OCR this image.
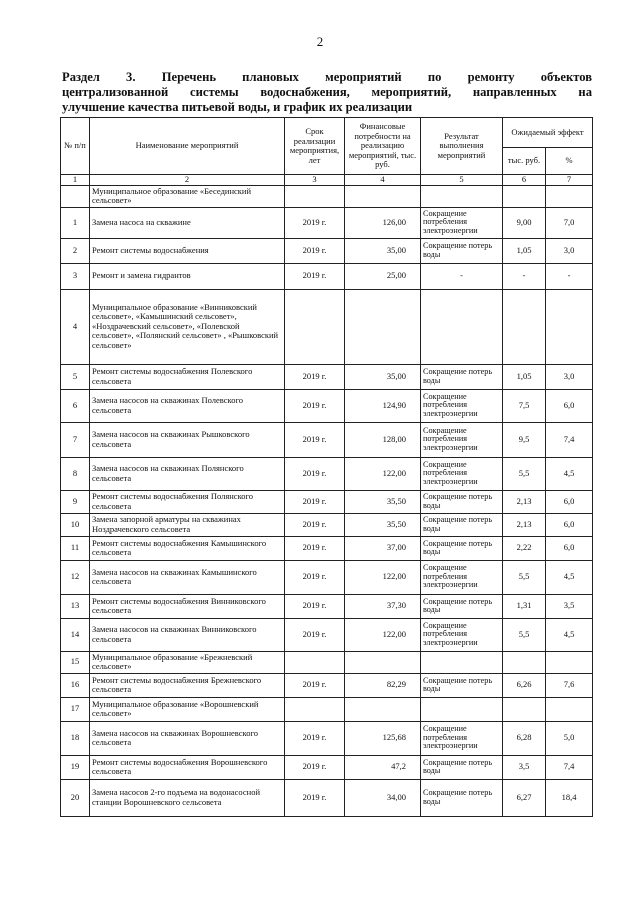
2
Раздел 3. Перечень плановых мероприятий по ремонту объектов
централизованной системы водоснабжения, мероприятий, направленных на
улучшение качества питьевой воды, и график их реализации
№ п/п	Наименование мероприятий	Срок реализации мероприятия, лет	Финансовые потребности на реализацию мероприятий, тыс. руб.	Результат выполнения мероприятий	Ожидаемый эффект	
					тыс. руб.	%
1	2	3	4	5	6	7
	Муниципальное образование «Бесединский сельсовет»					
1	Замена насоса на скважине	2019 г.	126,00	Сокращение потребления электроэнергии	9,00	7,0
2	Ремонт системы водоснабжения	2019 г.	35,00	Сокращение потерь воды	1,05	3,0
3	Ремонт и замена гидрантов	2019 г.	25,00	-	-	-
4	Муниципальное образование «Винниковский сельсовет», «Камышинский сельсовет», «Ноздрачевский сельсовет», «Полевской сельсовет», «Полянский сельсовет» , «Рышковский сельсовет»					
5	Ремонт системы водоснабжения Полевского сельсовета	2019 г.	35,00	Сокращение потерь воды	1,05	3,0
6	Замена насосов на скважинах Полевского сельсовета	2019 г.	124,90	Сокращение потребления электроэнергии	7,5	6,0
7	Замена насосов на скважинах Рышковского сельсовета	2019 г.	128,00	Сокращение потребления электроэнергии	9,5	7,4
8	Замена насосов на скважинах Полянского сельсовета	2019 г.	122,00	Сокращение потребления электроэнергии	5,5	4,5
9	Ремонт системы водоснабжения Полянского сельсовета	2019 г.	35,50	Сокращение потерь воды	2,13	6,0
10	Замена запорной арматуры на скважинах Ноздрачевского сельсовета	2019 г.	35,50	Сокращение потерь воды	2,13	6,0
11	Ремонт системы водоснабжения Камышинского сельсовета	2019 г.	37,00	Сокращение потерь воды	2,22	6,0
12	Замена насосов на скважинах Камышинского сельсовета	2019 г.	122,00	Сокращение потребления электроэнергии	5,5	4,5
13	Ремонт системы водоснабжения Винниковского сельсовета	2019 г.	37,30	Сокращение потерь воды	1,31	3,5
14	Замена насосов на скважинах Винниковского сельсовета	2019 г.	122,00	Сокращение потребления электроэнергии	5,5	4,5
15	Муниципальное образование «Брежневский сельсовет»					
16	Ремонт системы водоснабжения Брежневского сельсовета	2019 г.	82,29	Сокращение потерь воды	6,26	7,6
17	Муниципальное образование «Ворошневский сельсовет»					
18	Замена насосов на скважинах Ворошневского сельсовета	2019 г.	125,68	Сокращение потребления электроэнергии	6,28	5,0
19	Ремонт системы водоснабжения Ворошневского сельсовета	2019 г.	47,2	Сокращение потерь воды	3,5	7,4
20	Замена насосов 2-го подъема на водонасосной станции Ворошневского сельсовета	2019 г.	34,00	Сокращение потерь воды	6,27	18,4
